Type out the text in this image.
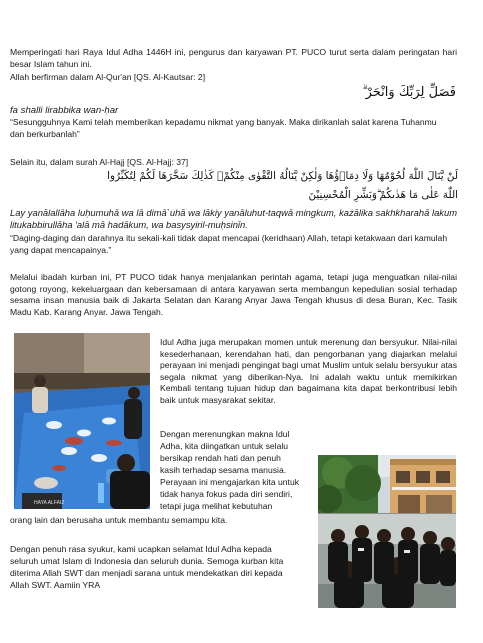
Memperingati hari Raya Idul Adha 1446H ini, pengurus dan karyawan PT. PUCO turut serta dalam peringatan hari besar Islam tahun ini.

Allah berfirman dalam Al-Qur'an [QS. Al-Kautsar: 2]

فَصَلِّ لِرَبِّكَ وَانْحَرْ ۗ

fa shalli lirabbika wan-ḥar

“Sesungguhnya Kami telah memberikan kepadamu nikmat yang banyak. Maka dirikanlah salat karena Tuhanmu dan berkurbanlah”

Selain itu, dalam surah Al-Hajj [QS. Al-Hajj: 37]

لَنْ يَّنَالَ اللّٰهَ لُحُوْمُهَا وَلَا دِمَاۤؤُهَا وَلٰكِنْ يَّنَالُهُ التَّقْوٰى مِنْكُمْۗ كَذٰلِكَ سَخَّرَهَا لَكُمْ لِتُكَبِّرُوا
اللّٰهَ عَلٰى مَا هَدٰىكُمْ ۗوَبَشِّرِ الْمُحْسِنِيْنَ

Lay yanālallāha luḥumuhā wa lā dimā`uhā wa lākiy yanāluhut-taqwā mingkum, każālika sakhkharahā lakum litukabbirullāha 'alā mā hadākum, wa basysyiril-muḥsinīn.

“Daging-daging dan darahnya itu sekali-kali tidak dapat mencapai (keridhaan) Allah, tetapi ketakwaan dari kamulah yang dapat mencapainya.”

Melalui ibadah kurban ini, PT PUCO tidak hanya menjalankan perintah agama, tetapi juga menguatkan nilai-nilai gotong royong, kekeluargaan dan kebersamaan di antara karyawan serta membangun kepedulian sosial terhadap sesama insan manusia baik di Jakarta Selatan dan Karang Anyar Jawa Tengah khusus di desa Buran, Kec. Tasik Madu Kab. Karang Anyar. Jawa Tengah.

HAYA ALFAIZ

Idul Adha juga merupakan momen untuk merenung dan bersyukur. Nilai-nilai kesederhanaan, kerendahan hati, dan pengorbanan yang diajarkan melalui perayaan ini menjadi pengingat bagi umat Muslim untuk selalu bersyukur atas segala nikmat yang diberikan-Nya. Ini adalah waktu untuk memikirkan Kembali tentang tujuan hidup dan bagaimana kita dapat berkontribusi lebih baik untuk masyarakat sekitar.

Dengan merenungkan makna Idul

Adha, kita diingatkan untuk selalu

bersikap rendah hati dan penuh

kasih terhadap sesama manusia.

Perayaan ini mengajarkan kita untuk

tidak hanya fokus pada diri sendiri,

tetapi juga melihat kebutuhan

orang lain dan berusaha untuk membantu semampu kita.

Dengan penuh rasa syukur, kami ucapkan selamat Idul Adha kepada

seluruh umat Islam di Indonesia dan seluruh dunia. Semoga kurban kita

diterima Allah SWT dan menjadi sarana untuk mendekatkan diri kepada

Allah SWT. Aamiin YRA
